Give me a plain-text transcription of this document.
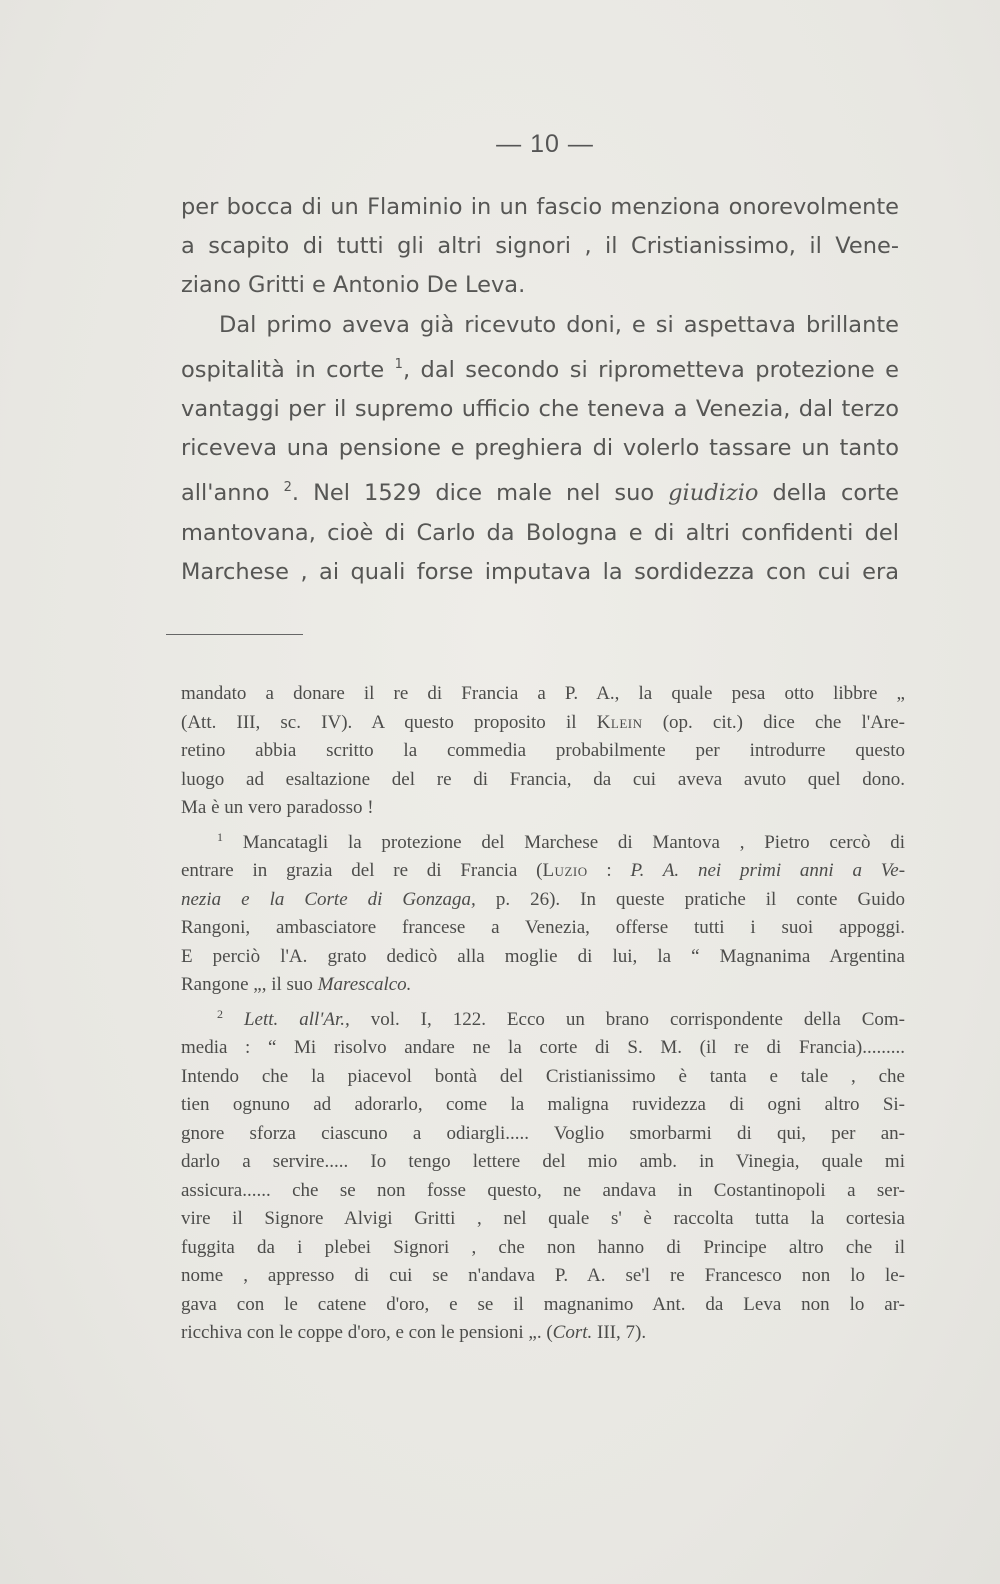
— 10 —
per bocca di un Flaminio in un fascio menziona onorevolmente
a scapito di tutti gli altri signori , il Cristianissimo, il Vene-
ziano Gritti e Antonio De Leva.
Dal primo aveva già ricevuto doni, e si aspettava brillante
ospitalità in corte $^1$, dal secondo si riprometteva protezione e
vantaggi per il supremo ufficio che teneva a Venezia, dal terzo
riceveva una pensione e preghiera di volerlo tassare un tanto
all'anno $^2$. Nel 1529 dice male nel suo giudizio della corte
mantovana, cioè di Carlo da Bologna e di altri confidenti del
Marchese , ai quali forse imputava la sordidezza con cui era
mandato a donare il re di Francia a P. A., la quale pesa otto libbre „
(Att. III, sc. IV). A questo proposito il Klein (op. cit.) dice che l'Are-
retino abbia scritto la commedia probabilmente per introdurre questo
luogo ad esaltazione del re di Francia, da cui aveva avuto quel dono.
Ma è un vero paradosso !
$^1$ Mancatagli la protezione del Marchese di Mantova , Pietro cercò di
entrare in grazia del re di Francia (Luzio : P. A. nei primi anni a Ve-
nezia e la Corte di Gonzaga, p. 26). In queste pratiche il conte Guido
Rangoni, ambasciatore francese a Venezia, offerse tutti i suoi appoggi.
E perciò l'A. grato dedicò alla moglie di lui, la “ Magnanima Argentina
Rangone „, il suo Marescalco.
$^2$ Lett. all'Ar., vol. I, 122. Ecco un brano corrispondente della Com-
media : “ Mi risolvo andare ne la corte di S. M. (il re di Francia).........
Intendo che la piacevol bontà del Cristianissimo è tanta e tale , che
tien ognuno ad adorarlo, come la maligna ruvidezza di ogni altro Si-
gnore sforza ciascuno a odiargli..... Voglio smorbarmi di qui, per an-
darlo a servire..... Io tengo lettere del mio amb. in Vinegia, quale mi
assicura...... che se non fosse questo, ne andava in Costantinopoli a ser-
vire il Signore Alvigi Gritti , nel quale s' è raccolta tutta la cortesia
fuggita da i plebei Signori , che non hanno di Principe altro che il
nome , appresso di cui se n'andava P. A. se'l re Francesco non lo le-
gava con le catene d'oro, e se il magnanimo Ant. da Leva non lo ar-
ricchiva con le coppe d'oro, e con le pensioni „. (Cort. III, 7).
